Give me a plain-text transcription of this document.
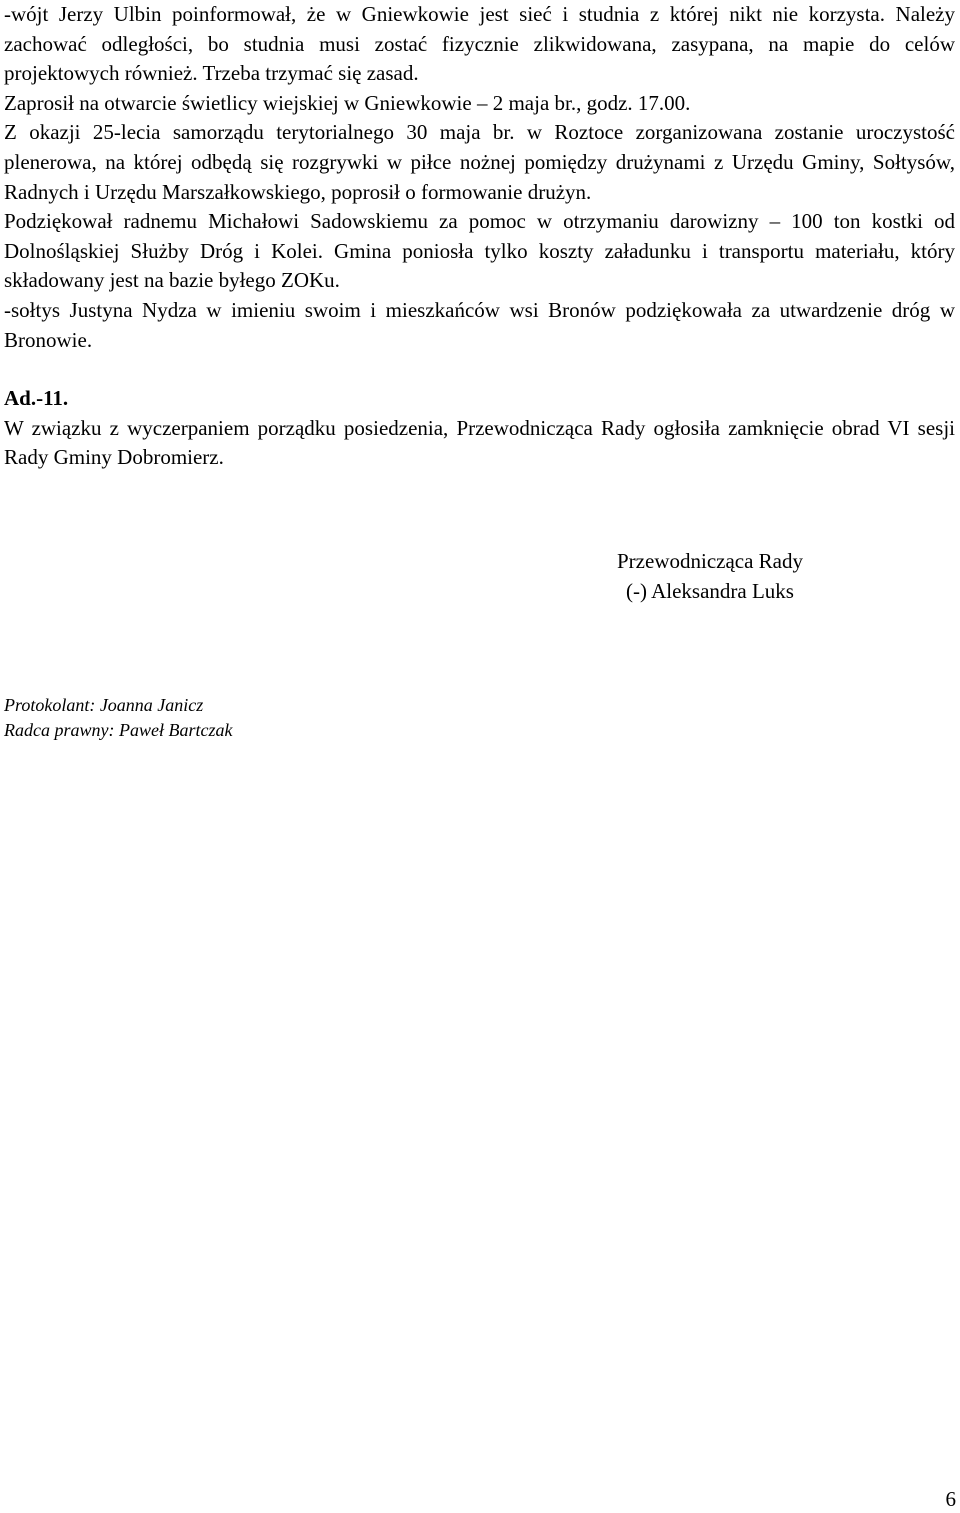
-wójt Jerzy Ulbin poinformował, że w Gniewkowie jest sieć i studnia z której nikt nie korzysta. Należy zachować odległości, bo studnia musi zostać fizycznie zlikwidowana, zasypana, na mapie do celów projektowych również. Trzeba trzymać się zasad.

Zaprosił na otwarcie świetlicy wiejskiej w Gniewkowie – 2 maja br., godz. 17.00.

Z okazji 25-lecia samorządu terytorialnego 30 maja br. w Roztoce zorganizowana zostanie uroczystość plenerowa, na której odbędą się rozgrywki w piłce nożnej pomiędzy drużynami z Urzędu Gminy, Sołtysów, Radnych i Urzędu Marszałkowskiego, poprosił o formowanie drużyn.

Podziękował radnemu Michałowi Sadowskiemu za pomoc w otrzymaniu darowizny – 100 ton kostki od Dolnośląskiej Służby Dróg i Kolei. Gmina poniosła tylko koszty załadunku i transportu materiału, który składowany jest na bazie byłego ZOKu.

-sołtys Justyna Nydza w imieniu swoim i mieszkańców wsi Bronów podziękowała za utwardzenie dróg w Bronowie.

Ad.-11.

W związku z wyczerpaniem porządku posiedzenia, Przewodnicząca Rady ogłosiła zamknięcie obrad VI sesji Rady Gminy Dobromierz.

Przewodnicząca Rady
(-) Aleksandra Luks
Protokolant: Joanna Janicz
Radca prawny: Paweł Bartczak
6
